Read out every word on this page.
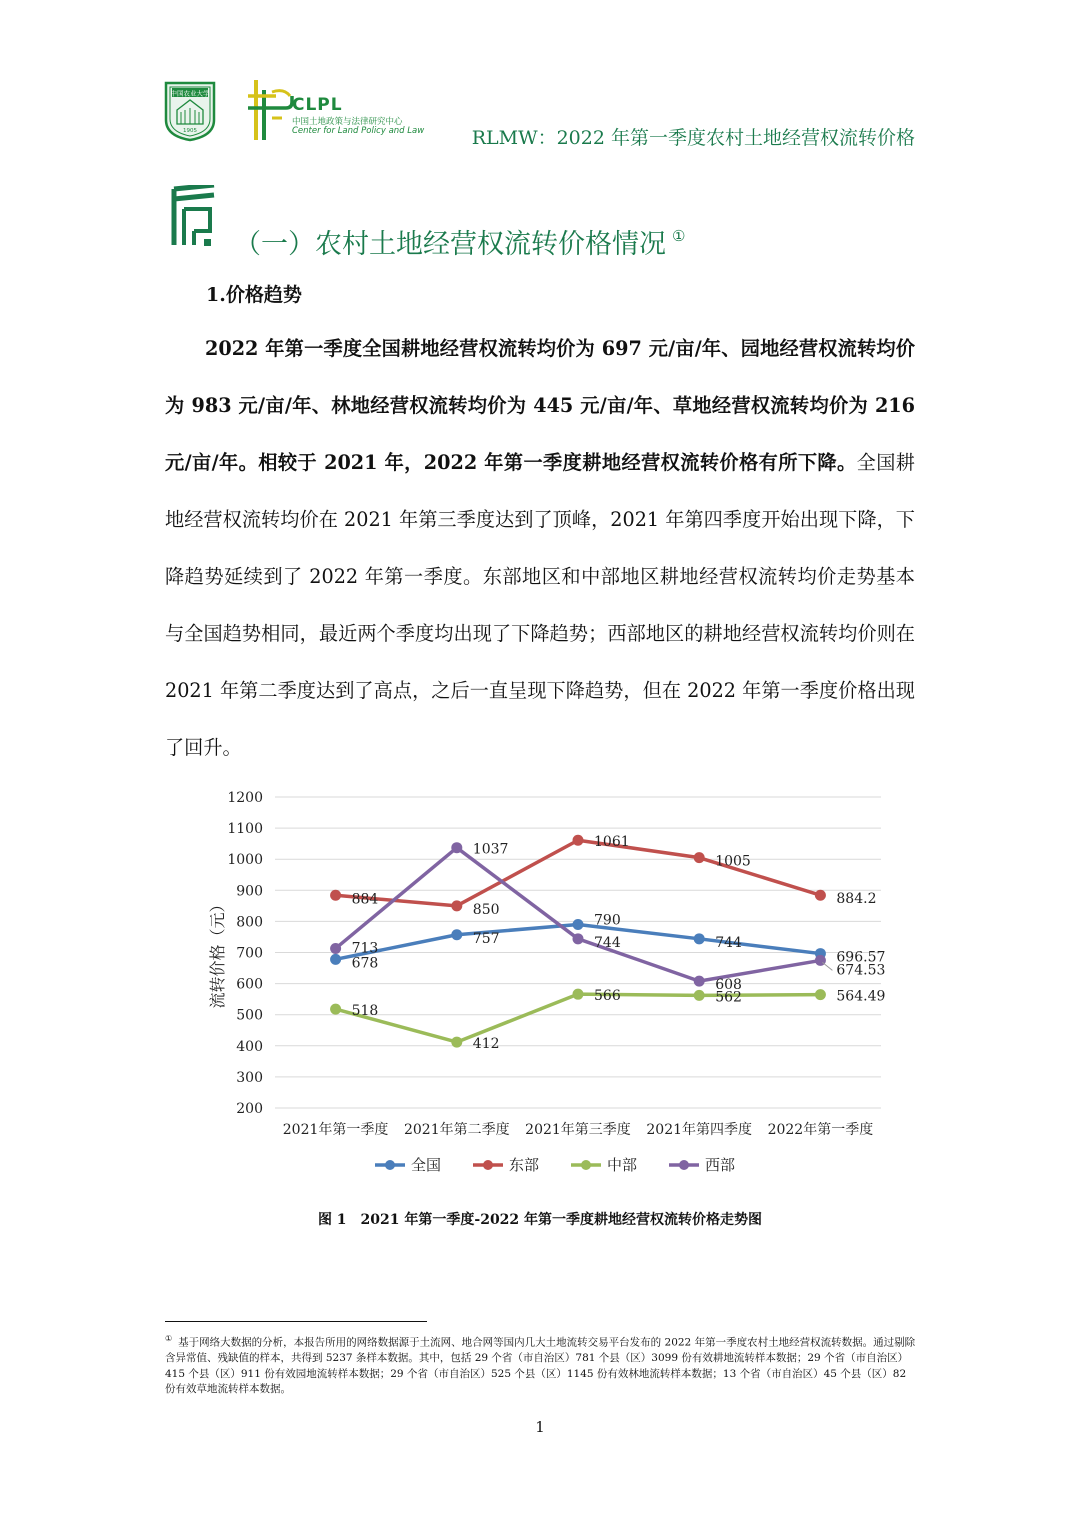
中国农业大学
1905
CLPL
中国土地政策与法律研究中心
Center for Land Policy and Law	RLMW：2022 年第一季度农村土地经营权流转价格
（一）农村土地经营权流转价格情况 ①
1.价格趋势

2022 年第一季度全国耕地经营权流转均价为 697 元/亩/年、园地经营权流转均价为 983 元/亩/年、林地经营权流转均价为 445 元/亩/年、草地经营权流转均价为 216 元/亩/年。相较于 2021 年，2022 年第一季度耕地经营权流转价格有所下降。全国耕地经营权流转均价在 2021 年第三季度达到了顶峰，2021 年第四季度开始出现下降，下降趋势延续到了 2022 年第一季度。东部地区和中部地区耕地经营权流转均价走势基本与全国趋势相同，最近两个季度均出现了下降趋势；西部地区的耕地经营权流转均价则在 2021 年第二季度达到了高点，之后一直呈现下降趋势，但在 2022 年第一季度价格出现了回升。

200
300
400
500
600
700
800
900
1000
1100
1200
2021年第一季度 2021年第二季度 2021年第三季度 2021年第四季度 2022年第一季度
流转价格（元）	678
757
790
744
696.57
884
850
1061
1005
884.2
518
412
566	562	564.49
713
1037
744
608
674.53
全国	东部	中部	西部
图 1　2021 年第一季度-2022 年第一季度耕地经营权流转价格走势图
① 基于网络大数据的分析，本报告所用的网络数据源于土流网、地合网等国内几大土地流转交易平台发布的 2022 年第一季度农村土地经营权流转数据。通过剔除含异常值、残缺值的样本，共得到 5237 条样本数据。其中，包括 29 个省（市自治区）781 个县（区）3099 份有效耕地流转样本数据；29 个省（市自治区）415 个县（区）911 份有效园地流转样本数据；29 个省（市自治区）525 个县（区）1145 份有效林地流转样本数据；13 个省（市自治区）45 个县（区）82 份有效草地流转样本数据。
1
